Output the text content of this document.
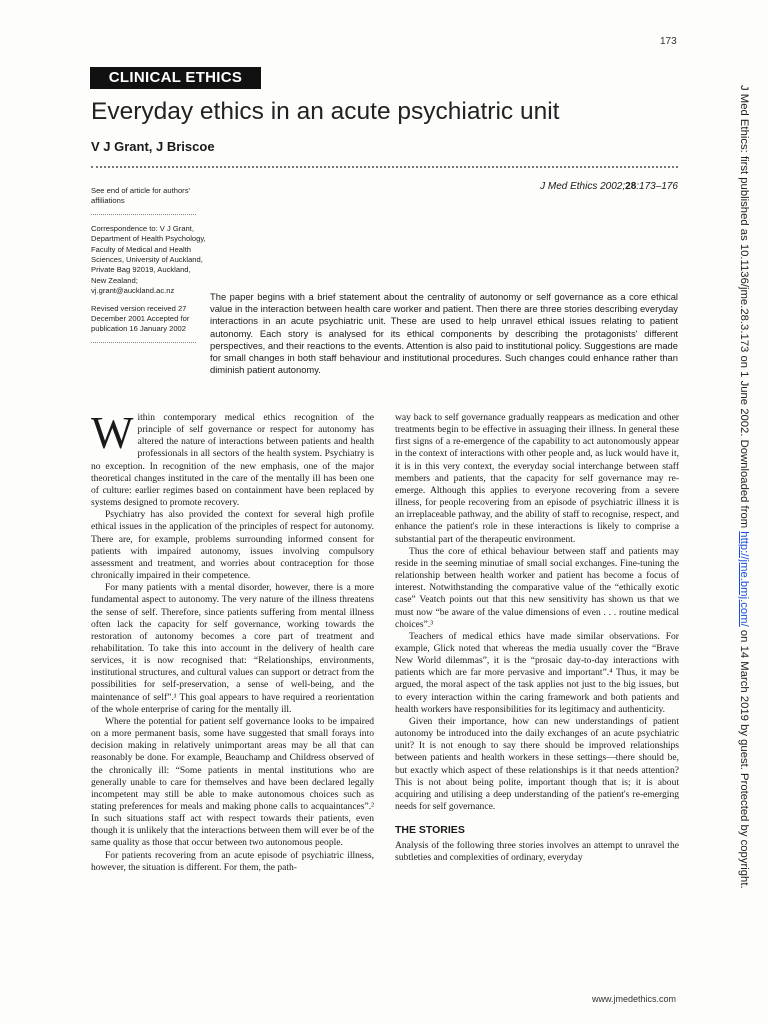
173
CLINICAL ETHICS
Everyday ethics in an acute psychiatric unit
V J Grant, J Briscoe
J Med Ethics 2002;28:173–176

See end of article for authors' affiliations

Correspondence to: V J Grant, Department of Health Psychology, Faculty of Medical and Health Sciences, University of Auckland, Private Bag 92019, Auckland, New Zealand; vj.grant@auckland.ac.nz

Revised version received 27 December 2001 Accepted for publication 16 January 2002

The paper begins with a brief statement about the centrality of autonomy or self governance as a core ethical value in the interaction between health care worker and patient. Then there are three stories describing everyday interactions in an acute psychiatric unit. These are used to help unravel ethical issues relating to patient autonomy. Each story is analysed for its ethical components by describing the protagonists' different perspectives, and their reactions to the events. Attention is also paid to institutional policy. Suggestions are made for small changes in both staff behaviour and institutional procedures. Such changes could enhance rather than diminish patient autonomy.

Within contemporary medical ethics recognition of the principle of self governance or respect for autonomy has altered the nature of interactions between patients and health professionals in all sectors of the health system. Psychiatry is no exception. In recognition of the new emphasis, one of the major theoretical changes instituted in the care of the mentally ill has been one of culture: earlier regimes based on containment have been replaced by systems designed to promote recovery.

Psychiatry has also provided the context for several high profile ethical issues in the application of the principles of respect for autonomy. There are, for example, problems surrounding informed consent for patients with impaired autonomy, issues involving compulsory assessment and treatment, and worries about contraception for those chronically impaired in their competence.

For many patients with a mental disorder, however, there is a more fundamental aspect to autonomy. The very nature of the illness threatens the sense of self. Therefore, since patients suffering from mental illness often lack the capacity for self governance, working towards the restoration of autonomy becomes a core part of treatment and rehabilitation. To take this into account in the delivery of health care services, it is now recognised that: “Relationships, environments, institutional structures, and cultural values can support or detract from the possibilities for self-preservation, a sense of well-being, and the maintenance of self”.¹ This goal appears to have required a reorientation of the whole enterprise of caring for the mentally ill.

Where the potential for patient self governance looks to be impaired on a more permanent basis, some have suggested that small forays into decision making in relatively unimportant areas may be all that can reasonably be done. For example, Beauchamp and Childress observed of the chronically ill: “Some patients in mental institutions who are generally unable to care for themselves and have been declared legally incompetent may still be able to make autonomous choices such as stating preferences for meals and making phone calls to acquaintances”.² In such situations staff act with respect towards their patients, even though it is unlikely that the interactions between them will ever be of the same quality as those that occur between two autonomous people.

For patients recovering from an acute episode of psychiatric illness, however, the situation is different. For them, the path-

way back to self governance gradually reappears as medication and other treatments begin to be effective in assuaging their illness. In general these first signs of a re-emergence of the capability to act autonomously appear in the context of interactions with other people and, as luck would have it, it is in this very context, the everyday social interchange between staff members and patients, that the capacity for self governance may re-emerge. Although this applies to everyone recovering from a severe illness, for people recovering from an episode of psychiatric illness it is an irreplaceable pathway, and the ability of staff to recognise, respect, and enhance the patient's role in these interactions is likely to comprise a substantial part of the therapeutic environment.

Thus the core of ethical behaviour between staff and patients may reside in the seeming minutiae of small social exchanges. Fine-tuning the relationship between health worker and patient has become a focus of interest. Notwithstanding the comparative value of the “ethically exotic case” Veatch points out that this new sensitivity has shown us that we must now “be aware of the value dimensions of even . . . routine medical choices”.³

Teachers of medical ethics have made similar observations. For example, Glick noted that whereas the media usually cover the “Brave New World dilemmas”, it is the “prosaic day-to-day interactions with patients which are far more pervasive and important”.⁴ Thus, it may be argued, the moral aspect of the task applies not just to the big issues, but to every interaction within the caring framework and both patients and health workers have responsibilities for its legitimacy and authenticity.

Given their importance, how can new understandings of patient autonomy be introduced into the daily exchanges of an acute psychiatric unit? It is not enough to say there should be improved relationships between patients and health workers in these settings—there should be, but exactly which aspect of these relationships is it that needs attention? This is not about being polite, important though that is; it is about acquiring and utilising a deep understanding of the patient's re-emerging needs for self governance.

THE STORIES

Analysis of the following three stories involves an attempt to unravel the subtleties and complexities of ordinary, everyday

www.jmedethics.com
J Med Ethics: first published as 10.1136/jme.28.3.173 on 1 June 2002. Downloaded from http://jme.bmj.com/ on 14 March 2019 by guest. Protected by copyright.
